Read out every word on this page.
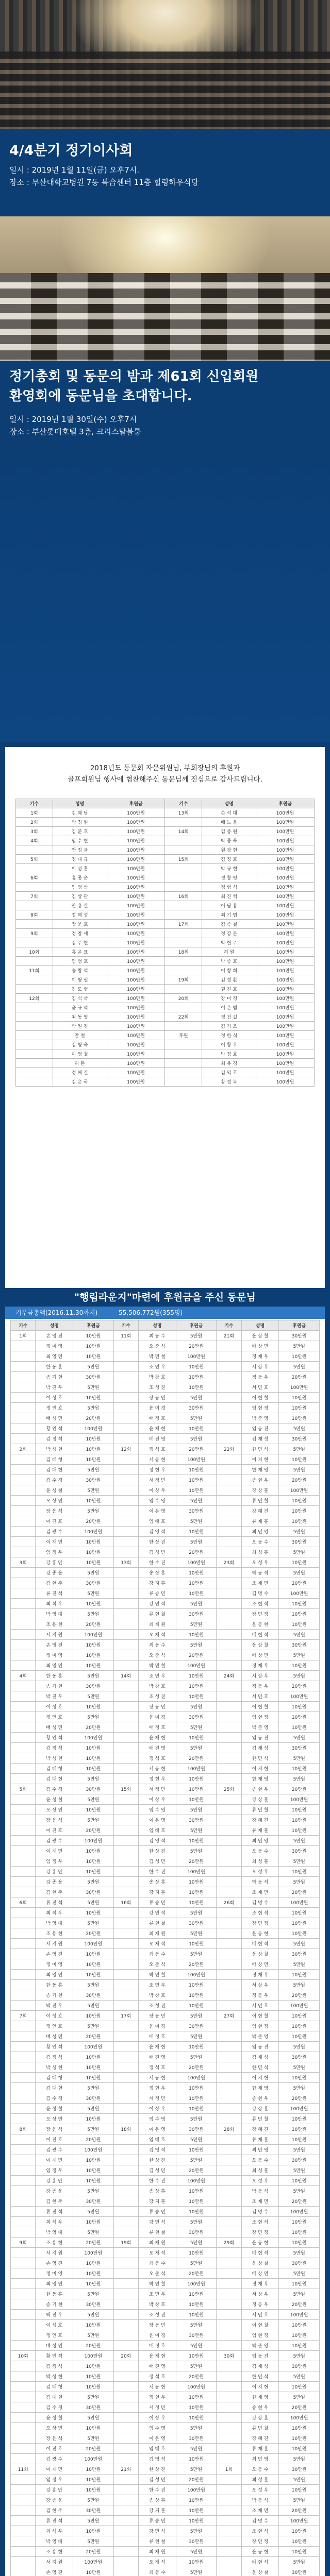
4/4분기 정기이사회
일시 : 2019년 1월 11일(금) 오후7시.
장소 : 부산대학교병원 7동 복合센터 11층 힐링하우식당
정기총회 및 동문의 밤과 제61회 신입회원
환영회에 동문님을 초대합니다.
일시 : 2019년 1월 30일(수) 오후7시
장소 : 부산롯데호텔 3층, 크리스탈볼룸
2018년도 동문회 자문위원님, 부회장님의 후원과
골프회원님 행사에 협찬해주신 동문님께 진심으로 감사드립니다.
기수	성명	후원금	기수	성명	후원금
1회	김 혜 남	100만원	13회	손 석 대	100만원
2회	박 정 원	100만원		배 노 윤	100만원
3회	김 준 호	100만원	14회	김 종 원	100만원
4회	임 수 현	100만원		박 종 욱	100만원
	안 정 균	100만원		원 광 현	100만원
5회	정 대 규	100만원	15회	김 정 호	100만원
	이 성 훈	100만원		박 규 현	100만원
6회	홍 종 운	100만원		정 창 영	100만원
	임 병 삼	100만원		정 형 식	100만원
7회	김 상 관	100만원	16회	최 진 혁	100만원
	안 용 실	100만원		이 남 용	100만원
8회	정 해 성	100만원		최 기 범	100만원
	장 문 호	100만원	17회	김 종 철	100만원
9회	정 창 세	100만원		정 강 문	100만원
	김 주 현	100만원		박 현 주	100만원
10회	홍 은 표	100만원	18회	허 원	100만원
	엄 병 호	100만원		박 종 호	100만원
11회	송 창 석	100만원		이 창 희	100만원
	이 형 권	100만원	19회	김 정 환	100만원
	김 도 형	100만원		권 진 호	100만원
12회	김 석 국	100만원	20회	강 미 경	100만원
	윤 규 석	100만원		이 은 범	100만원
	최 동 영	100만원	22회	정 진 길	100만원
	박 원 진	100만원		김 기 조	100만원
	안 철	100만원	후원	정 한 식	100만원
	김 형 욱	100만원		이 창 우	100만원
	이 병 철	100만원		박 정 효	100만원
	허 돈	100만원		최 유 경	100만원
	정 해 길	100만원		김 익 호	100만원
	김 은 국	100만원		황 정 복	100만원
"행림라운지"마련에 후원금을 주신 동문님
기부금총액(2016.11.30까지)	55,506,772원(355명)
기수	성명	후원금	기수	성명	후원금	기수	성명	후원금
1회	손 영 진	10만원	11회	최 동 수	5만원	21회	윤 상 철	30만원
	정 미 영	10만원		오 준 석	20만원		배 상 민	5만원
	최 영 민	10만원		박 민 철	100만원		정 재 우	10만원
	한 동 훈	5만원		조 민 우	10만원		서 상 우	5만원
	송 기 현	30만원		박 창 호	10만원		정 동 우	20만원
	박 진 우	5만원		조 성 진	10만원		서 민 호	100만원
	이 성 호	10만원		장 동 민	5만원		이 현 철	10만원
	정 인 호	5만원		윤 미 경	30만원		임 현 정	10만원
	배 성 민	20만원		배 정 호	5만원		박 준 영	10만원
	황 인 석	100만원		윤 재 현	10만원		임 동 진	5만원
	김 정 석	10만원		배 진 영	5만원		김 재 성	30만원
2회	박 성 현	10만원	12회	정 석 호	20만원	22회	한 민 석	5만원
	김 태 형	10만원		서 동 현	100만원		이 지 현	10만원
	김 대 현	5만원		정 현 우	10만원		한 재 영	5만원
	김 수 경	30만원		서 정 민	10만원		송 현 우	20만원
	윤 성 철	5만원		이 상 우	10만원		강 상 훈	100만원
	오 상 민	10만원		임 수 영	5만원		류 민 철	10만원
	장 윤 석	5만원		이 은 영	30만원		강 혜 진	10만원
	이 진 호	20만원		임 태 호	5만원		류 재 훈	10만원
	김 광 수	100만원		김 영 석	10만원		최 민 영	5만원
	이 재 민	10만원		한 상 진	5만원		오 동 수	30만원
	임 정 우	10만원		김 성 민	20만원		최 성 훈	5만원
3회	강 흥 만	10만원	13회	한 수 진	100만원	23회	오 성 우	10만원
	강 종 윤	5만원		송 상 훈	10만원		박 동 석	5만원
	김 현 주	30만원		강 지 훈	10만원		조 재 민	20만원
	류 진 석	5만원		류 승 민	10만원		김 명 수	100만원
	최 석 우	10만원		강 민 석	5만원		조 현 석	10만원
	박 영 대	5만원		류 현 철	30만원		장 민 정	10만원
	조 용 현	20만원		최 재 원	5만원		윤 동 현	10만원
	서 지 원	100만원		오 재 석	10만원		배 현 석	5만원
	손 영 진	10만원		최 동 수	5만원		윤 상 철	30만원
	정 미 영	10만원		오 준 석	20만원		배 상 민	5만원
	최 영 민	10만원		박 민 철	100만원		정 재 우	10만원
4회	한 동 훈	5만원	14회	조 민 우	10만원	24회	서 상 우	5만원
	송 기 현	30만원		박 창 호	10만원		정 동 우	20만원
	박 진 우	5만원		조 성 진	10만원		서 민 호	100만원
	이 성 호	10만원		장 동 민	5만원		이 현 철	10만원
	정 인 호	5만원		윤 미 경	30만원		임 현 정	10만원
	배 성 민	20만원		배 정 호	5만원		박 준 영	10만원
	황 인 석	100만원		윤 재 현	10만원		임 동 진	5만원
	김 정 석	10만원		배 진 영	5만원		김 재 성	30만원
	박 성 현	10만원		정 석 호	20만원		한 민 석	5만원
	김 태 형	10만원		서 동 현	100만원		이 지 현	10만원
	김 대 현	5만원		정 현 우	10만원		한 재 영	5만원
5회	김 수 경	30만원	15회	서 정 민	10만원	25회	송 현 우	20만원
	윤 성 철	5만원		이 상 우	10만원		강 상 훈	100만원
	오 상 민	10만원		임 수 영	5만원		류 민 철	10만원
	장 윤 석	5만원		이 은 영	30만원		강 혜 진	10만원
	이 진 호	20만원		임 태 호	5만원		류 재 훈	10만원
	김 광 수	100만원		김 영 석	10만원		최 민 영	5만원
	이 재 민	10만원		한 상 진	5만원		오 동 수	30만원
	임 정 우	10만원		김 성 민	20만원		최 성 훈	5만원
	강 흥 만	10만원		한 수 진	100만원		오 성 우	10만원
	강 종 윤	5만원		송 상 훈	10만원		박 동 석	5만원
	김 현 주	30만원		강 지 훈	10만원		조 재 민	20만원
6회	류 진 석	5만원	16회	류 승 민	10만원	26회	김 명 수	100만원
	최 석 우	10만원		강 민 석	5만원		조 현 석	10만원
	박 영 대	5만원		류 현 철	30만원		장 민 정	10만원
	조 용 현	20만원		최 재 원	5만원		윤 동 현	10만원
	서 지 원	100만원		오 재 석	10만원		배 현 석	5만원
	손 영 진	10만원		최 동 수	5만원		윤 상 철	30만원
	정 미 영	10만원		오 준 석	20만원		배 상 민	5만원
	최 영 민	10만원		박 민 철	100만원		정 재 우	10만원
	한 동 훈	5만원		조 민 우	10만원		서 상 우	5만원
	송 기 현	30만원		박 창 호	10만원		정 동 우	20만원
	박 진 우	5만원		조 성 진	10만원		서 민 호	100만원
7회	이 성 호	10만원	17회	장 동 민	5만원	27회	이 현 철	10만원
	정 인 호	5만원		윤 미 경	30만원		임 현 정	10만원
	배 성 민	20만원		배 정 호	5만원		박 준 영	10만원
	황 인 석	100만원		윤 재 현	10만원		임 동 진	5만원
	김 정 석	10만원		배 진 영	5만원		김 재 성	30만원
	박 성 현	10만원		정 석 호	20만원		한 민 석	5만원
	김 태 형	10만원		서 동 현	100만원		이 지 현	10만원
	김 대 현	5만원		정 현 우	10만원		한 재 영	5만원
	김 수 경	30만원		서 정 민	10만원		송 현 우	20만원
	윤 성 철	5만원		이 상 우	10만원		강 상 훈	100만원
	오 상 민	10만원		임 수 영	5만원		류 민 철	10만원
8회	장 윤 석	5만원	18회	이 은 영	30만원	28회	강 혜 진	10만원
	이 진 호	20만원		임 태 호	5만원		류 재 훈	10만원
	김 광 수	100만원		김 영 석	10만원		최 민 영	5만원
	이 재 민	10만원		한 상 진	5만원		오 동 수	30만원
	임 정 우	10만원		김 성 민	20만원		최 성 훈	5만원
	강 흥 만	10만원		한 수 진	100만원		오 성 우	10만원
	강 종 윤	5만원		송 상 훈	10만원		박 동 석	5만원
	김 현 주	30만원		강 지 훈	10만원		조 재 민	20만원
	류 진 석	5만원		류 승 민	10만원		김 명 수	100만원
	최 석 우	10만원		강 민 석	5만원		조 현 석	10만원
	박 영 대	5만원		류 현 철	30만원		장 민 정	10만원
9회	조 용 현	20만원	19회	최 재 원	5만원	29회	윤 동 현	10만원
	서 지 원	100만원		오 재 석	10만원		배 현 석	5만원
	손 영 진	10만원		최 동 수	5만원		윤 상 철	30만원
	정 미 영	10만원		오 준 석	20만원		배 상 민	5만원
	최 영 민	10만원		박 민 철	100만원		정 재 우	10만원
	한 동 훈	5만원		조 민 우	10만원		서 상 우	5만원
	송 기 현	30만원		박 창 호	10만원		정 동 우	20만원
	박 진 우	5만원		조 성 진	10만원		서 민 호	100만원
	이 성 호	10만원		장 동 민	5만원		이 현 철	10만원
	정 인 호	5만원		윤 미 경	30만원		임 현 정	10만원
	배 성 민	20만원		배 정 호	5만원		박 준 영	10만원
10회	황 인 석	100만원	20회	윤 재 현	10만원	30회	임 동 진	5만원
	김 정 석	10만원		배 진 영	5만원		김 재 성	30만원
	박 성 현	10만원		정 석 호	20만원		한 민 석	5만원
	김 태 형	10만원		서 동 현	100만원		이 지 현	10만원
	김 대 현	5만원		정 현 우	10만원		한 재 영	5만원
	김 수 경	30만원		서 정 민	10만원		송 현 우	20만원
	윤 성 철	5만원		이 상 우	10만원		강 상 훈	100만원
	오 상 민	10만원		임 수 영	5만원		류 민 철	10만원
	장 윤 석	5만원		이 은 영	30만원		강 혜 진	10만원
	이 진 호	20만원		임 태 호	5만원		류 재 훈	10만원
	김 광 수	100만원		김 영 석	10만원		최 민 영	5만원
11회	이 재 민	10만원	21회	한 상 진	5만원	1회	오 동 수	30만원
	임 정 우	10만원		김 성 민	20만원		최 성 훈	5만원
	강 흥 만	10만원		한 수 진	100만원		오 성 우	10만원
	강 종 윤	5만원		송 상 훈	10만원		박 동 석	5만원
	김 현 주	30만원		강 지 훈	10만원		조 재 민	20만원
	류 진 석	5만원		류 승 민	10만원		김 명 수	100만원
	최 석 우	10만원		강 민 석	5만원		조 현 석	10만원
	박 영 대	5만원		류 현 철	30만원		장 민 정	10만원
	조 용 현	20만원		최 재 원	5만원		윤 동 현	10만원
	서 지 원	100만원		오 재 석	10만원		배 현 석	5만원
	손 영 진	10만원		최 동 수	5만원		윤 상 철	30만원
